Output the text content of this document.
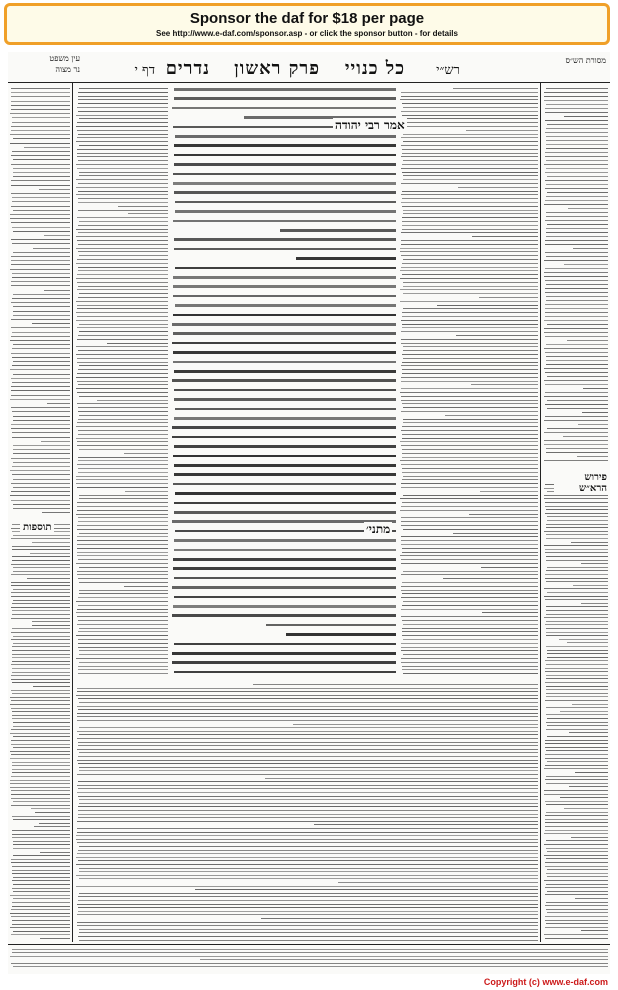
Sponsor the daf for $18 per page
See http://www.e-daf.com/sponsor.asp - or click the sponsor button - for details
מסורת הש״ס
רש״י
כל כנויי
פרק ראשון
נדרים
דף י
עין משפט
נר מצוה
תוספות
פירוש הרא״ש
אמר רבי יהודה
מתני׳
Copyright (c) www.e-daf.com
